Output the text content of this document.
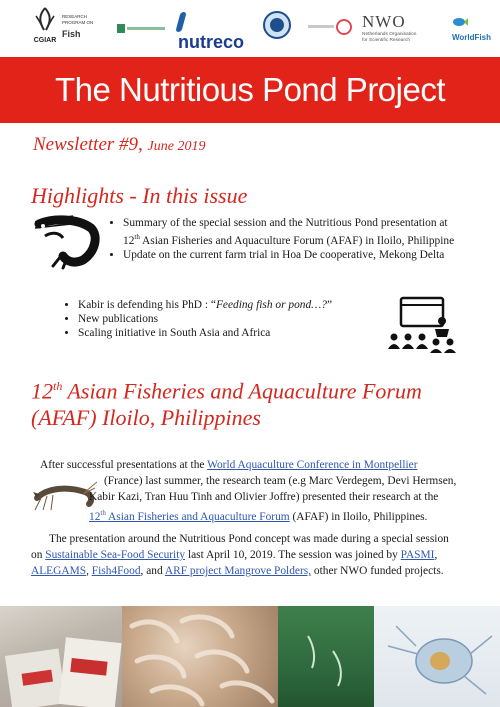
CGIAR
RESEARCH PROGRAM ON
Fish	nutreco
NWO
Netherlands Organisation
for Scientific Research	WorldFish
The Nutritious Pond Project
Newsletter #9, June 2019
Highlights - In this issue
• Summary of the special session and the Nutritious Pond presentation at
12th Asian Fisheries and Aquaculture Forum (AFAF) in Iloilo, Philippine
• Update on the current farm trial in Hoa De cooperative, Mekong Delta
• Kabir is defending his PhD : “Feeding fish or pond…?”
• New publications
• Scaling initiative in South Asia and Africa
12th Asian Fisheries and Aquaculture Forum
(AFAF) Iloilo, Philippines
After successful presentations at the World Aquaculture Conference in Montpellier
(France) last summer, the research team (e.g Marc Verdegem, Devi Hermsen,
Kabir Kazi, Tran Huu Tinh and Olivier Joffre) presented their research at the
12th Asian Fisheries and Aquaculture Forum (AFAF) in Iloilo, Philippines.
The presentation around the Nutritious Pond concept was made during a special session
on Sustainable Sea-Food Security last April 10, 2019. The session was joined by PASMI,
ALEGAMS, Fish4Food, and ARF project Mangrove Polders, other NWO funded projects.
